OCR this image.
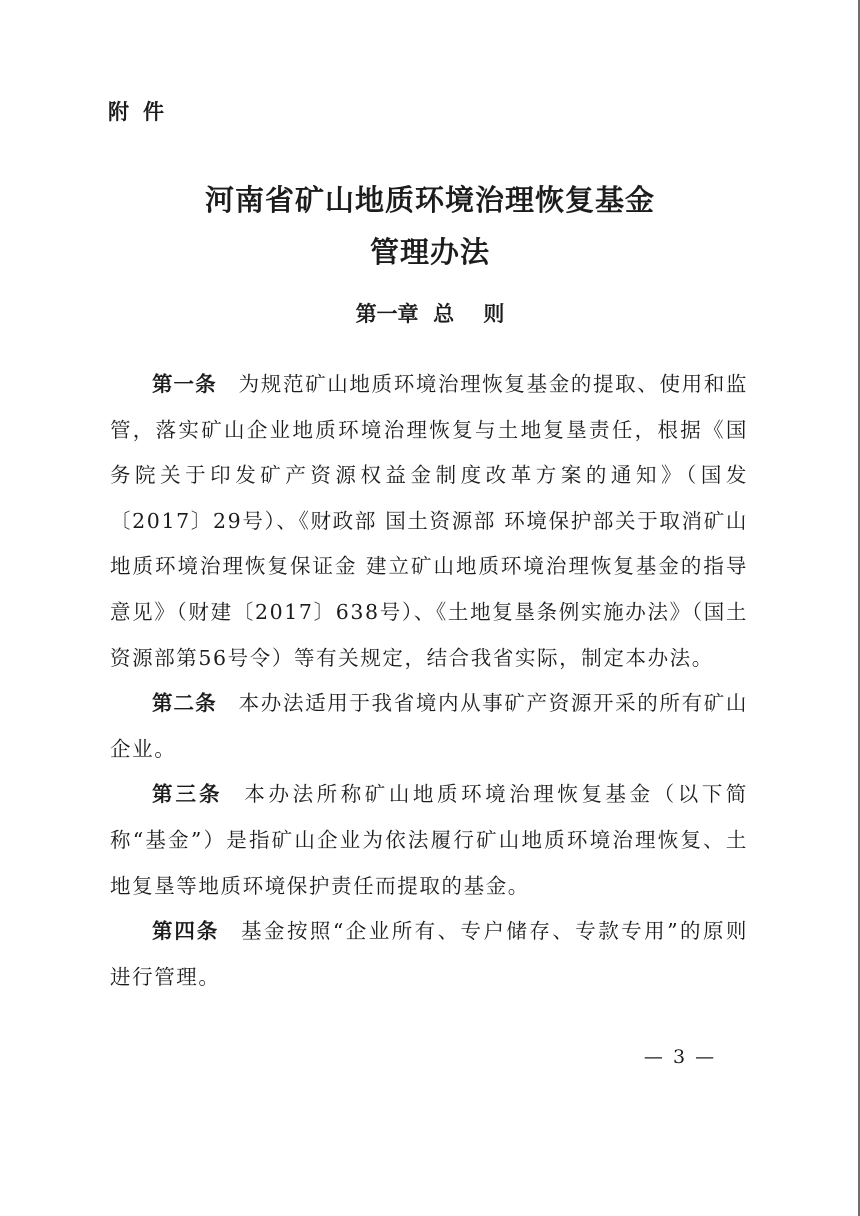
附件
河南省矿山地质环境治理恢复基金
管理办法
第一章  总    则

第一条 为规范矿山地质环境治理恢复基金的提取、使用和监管，落实矿山企业地质环境治理恢复与土地复垦责任，根据《国务院关于印发矿产资源权益金制度改革方案的通知》（国发〔2017〕29号）、《财政部 国土资源部 环境保护部关于取消矿山地质环境治理恢复保证金 建立矿山地质环境治理恢复基金的指导意见》（财建〔2017〕638号）、《土地复垦条例实施办法》（国土资源部第56号令）等有关规定，结合我省实际，制定本办法。

第二条 本办法适用于我省境内从事矿产资源开采的所有矿山企业。

第三条 本办法所称矿山地质环境治理恢复基金（以下简称“基金”）是指矿山企业为依法履行矿山地质环境治理恢复、土地复垦等地质环境保护责任而提取的基金。

第四条 基金按照“企业所有、专户储存、专款专用”的原则进行管理。

— 3 —
